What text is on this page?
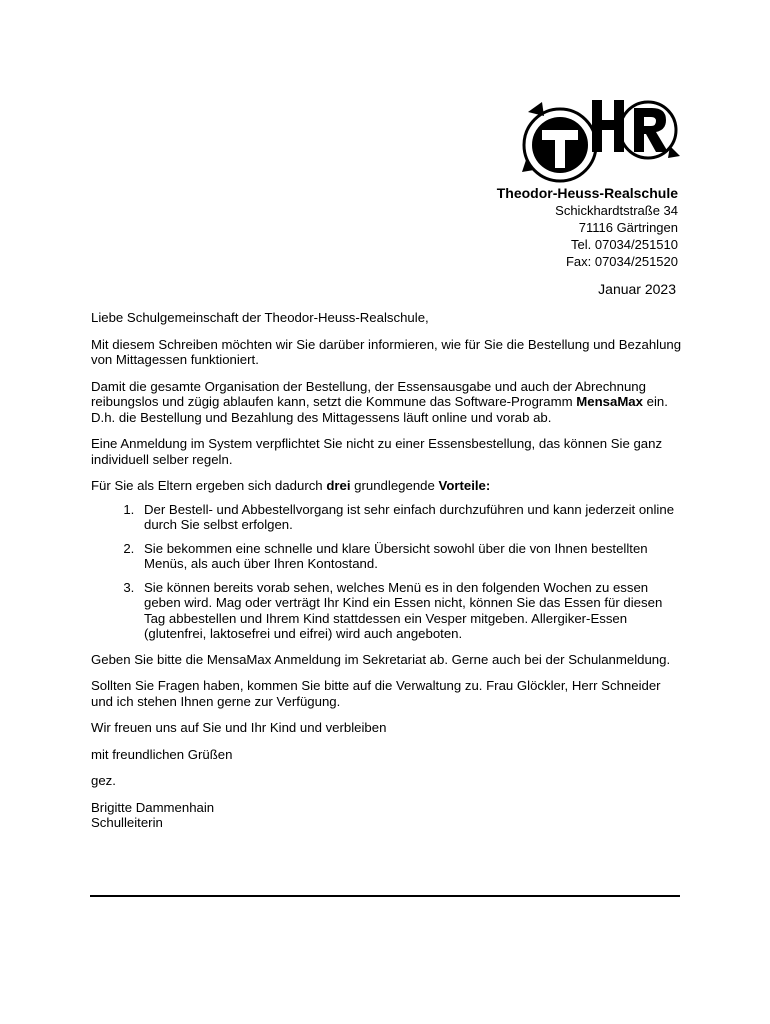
Theodor-Heuss-Realschule
Schickhardtstraße 34
71116 Gärtringen
Tel. 07034/251510
Fax: 07034/251520
Januar 2023

Liebe Schulgemeinschaft der Theodor-Heuss-Realschule,

Mit diesem Schreiben möchten wir Sie darüber informieren, wie für Sie die Bestellung und Bezahlung von Mittagessen funktioniert.

Damit die gesamte Organisation der Bestellung, der Essensausgabe und auch der Abrechnung reibungslos und zügig ablaufen kann, setzt die Kommune das Software-Programm MensaMax ein. D.h. die Bestellung und Bezahlung des Mittagessens läuft online und vorab ab.

Eine Anmeldung im System verpflichtet Sie nicht zu einer Essensbestellung, das können Sie ganz individuell selber regeln.

Für Sie als Eltern ergeben sich dadurch drei grundlegende Vorteile:

1. Der Bestell- und Abbestellvorgang ist sehr einfach durchzuführen und kann jederzeit online durch Sie selbst erfolgen.
2. Sie bekommen eine schnelle und klare Übersicht sowohl über die von Ihnen bestellten Menüs, als auch über Ihren Kontostand.
3. Sie können bereits vorab sehen, welches Menü es in den folgenden Wochen zu essen geben wird. Mag oder verträgt Ihr Kind ein Essen nicht, können Sie das Essen für diesen Tag abbestellen und Ihrem Kind stattdessen ein Vesper mitgeben. Allergiker-Essen (glutenfrei, laktosefrei und eifrei) wird auch angeboten.

Geben Sie bitte die MensaMax Anmeldung im Sekretariat ab. Gerne auch bei der Schulanmeldung.

Sollten Sie Fragen haben, kommen Sie bitte auf die Verwaltung zu. Frau Glöckler, Herr Schneider und ich stehen Ihnen gerne zur Verfügung.

Wir freuen uns auf Sie und Ihr Kind und verbleiben

mit freundlichen Grüßen

gez.

Brigitte Dammenhain
Schulleiterin
